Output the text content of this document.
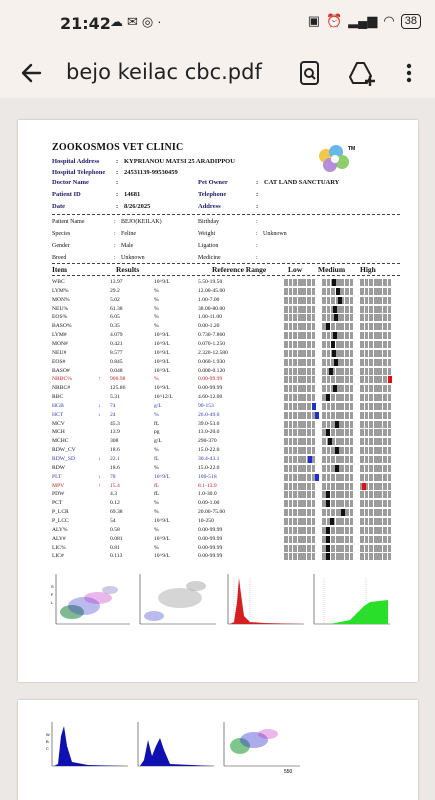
21:42 ☁✉◎·	▣ ⏰ ▂▄▆ ◠ 38
bejo keilac cbc.pdf
ZOOKOSMOS VET CLINIC
Hospital Address	: KYPRIANOU MATSI 25 ARADIPPOU
Hospital Telephone : 24531139-99530459
TM
Doctor Name	:	Pet Owner	: CAT LAND SANCTUARY
Patient ID	: 14681	Telephone	:
Date	: 8/26/2025	Address	:
Patient Name	: BEJO(KEILAK)	Birthday	:
Species	: Feline	Weight	: Unknown
Gender	: Male	Ligation	:
Breed	: Unknown	Medicine	:
Item	Results	Reference Range	Low Medium High
WBC	13.97	10^9/L	5.50-19.50
LYM%	29.2	%	12.00-45.00
MON%	5.02	%	1.00-7.00
NEU%	61.38	%	38.00-80.00
EOS%	6.05	%	1.00-11.00
BASO%	0.35	%	0.00-1.20
LYM#	4.079	10^9/L	0.730-7.860
MON#	0.421	10^9/L	0.070-1.250
NEU#	8.577	10^9/L	2.320-12.580
EOS#	0.845	10^9/L	0.060-1.930
BASO#	0.048	10^9/L	0.000-0.120
NRBC%	↑	900.98	%	0.00-99.99
NRBC#	125.86	10^9/L	0.00-99.99
RBC	5.31	10^12/L	4.60-12.00
HGB	↓	74	g/L	90-153
HCT	↓	24	%	26.0-49.0
MCV	45.3	fL	39.0-53.0
MCH	13.9	pg	13.0-20.0
MCHC	308	g/L	290-370
RDW_CV	18.6	%	15.0-22.0
RDW_SD	↓	22.1	fL	30.4-43.1
RDW	18.6	%	15.0-22.0
PLT	↓	78	10^9/L	100-518
MPV	↑	15.4	fL	8.1-13.9
PDW	4.3	fL	1.0-30.0
PCT	0.12	%	0.09-1.00
P_LCR	69.38	%	20.00-75.00
P_LCC	54	10^9/L	10-250
ALY%	0.58	%	0.00-99.99
ALY#	0.081	10^9/L	0.00-99.99
LIC%	0.81	%	0.00-99.99
LIC#	0.113	10^9/L	0.00-99.99
S
F
L
W
B
C
550
